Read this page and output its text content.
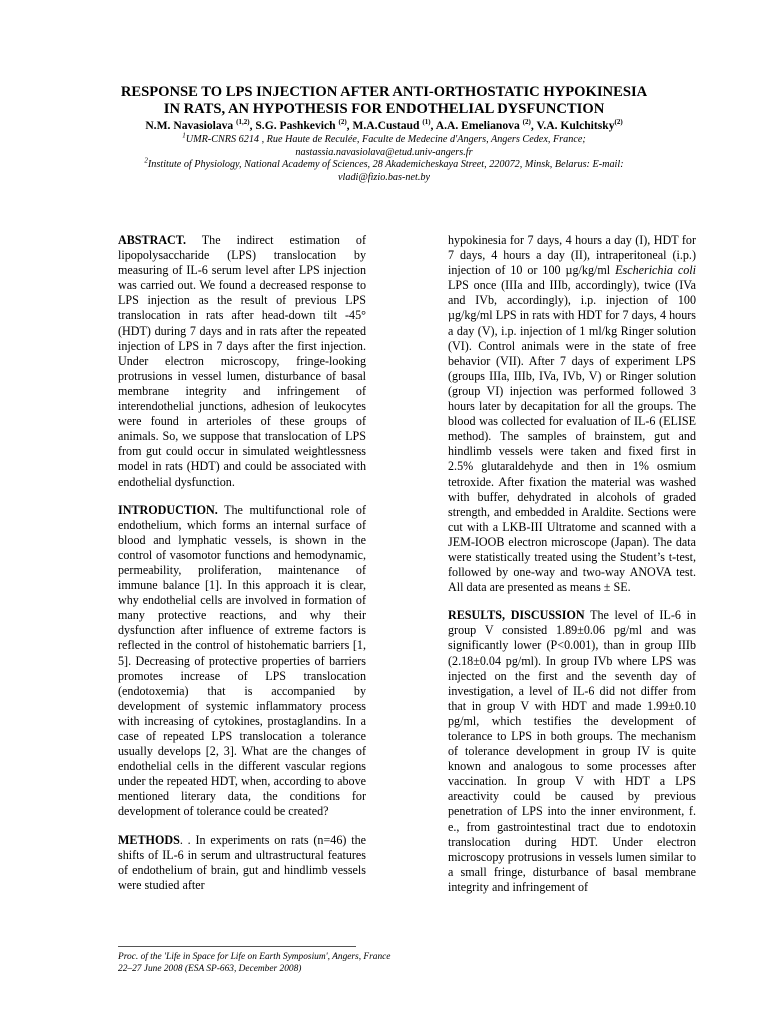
RESPONSE TO LPS INJECTION AFTER ANTI-ORTHOSTATIC HYPOKINESIA
IN RATS, AN HYPOTHESIS FOR ENDOTHELIAL DYSFUNCTION
N.M. Navasiolava $^{(1,2)}$, S.G. Pashkevich $^{(2)}$, M.A.Custaud $^{(1)}$, A.A. Emelianova $^{(2)}$, V.A. Kulchitsky$^{(2)}$
$^1$UMR-CNRS 6214 , Rue Haute de Reculée, Faculte de Medecine d'Angers, Angers Cedex, France;
nastassia.navasiolava@etud.univ-angers.fr
$^2$Institute of Physiology, National Academy of Sciences, 28 Akademicheskaya Street, 220072, Minsk, Belarus: E-mail:
vladi@fizio.bas-net.by

ABSTRACT. The indirect estimation of lipopolysaccharide (LPS) translocation by measuring of IL-6 serum level after LPS injection was carried out. We found a decreased response to LPS injection as the result of previous LPS translocation in rats after head-down tilt -45° (HDT) during 7 days and in rats after the repeated injection of LPS in 7 days after the first injection. Under electron microscopy, fringe-looking protrusions in vessel lumen, disturbance of basal membrane integrity and infringement of interendothelial junctions, adhesion of leukocytes were found in arterioles of these groups of animals. So, we suppose that translocation of LPS from gut could occur in simulated weightlessness model in rats (HDT) and could be associated with endothelial dysfunction.

INTRODUCTION. The multifunctional role of endothelium, which forms an internal surface of blood and lymphatic vessels, is shown in the control of vasomotor functions and hemodynamic, permeability, proliferation, maintenance of immune balance [1]. In this approach it is clear, why endothelial cells are involved in formation of many protective reactions, and why their dysfunction after influence of extreme factors is reflected in the control of histohematic barriers [1, 5]. Decreasing of protective properties of barriers promotes increase of LPS translocation (endotoxemia) that is accompanied by development of systemic inflammatory process with increasing of cytokines, prostaglandins. In a case of repeated LPS translocation a tolerance usually develops [2, 3]. What are the changes of endothelial cells in the different vascular regions under the repeated HDT, when, according to above mentioned literary data, the conditions for development of tolerance could be created?

METHODS. . In experiments on rats (n=46) the shifts of IL-6 in serum and ultrastructural features of endothelium of brain, gut and hindlimb vessels were studied after

hypokinesia for 7 days, 4 hours a day (I), HDT for 7 days, 4 hours a day (II), intraperitoneal (i.p.) injection of 10 or 100 µg/kg/ml Escherichia coli LPS once (IIIa and IIIb, accordingly), twice (IVa and IVb, accordingly), i.p. injection of 100 µg/kg/ml LPS in rats with HDT for 7 days, 4 hours a day (V), i.p. injection of 1 ml/kg Ringer solution (VI). Control animals were in the state of free behavior (VII). After 7 days of experiment LPS (groups IIIa, IIIb, IVa, IVb, V) or Ringer solution (group VI) injection was performed followed 3 hours later by decapitation for all the groups. The blood was collected for evaluation of IL-6 (ELISE method). The samples of brainstem, gut and hindlimb vessels were taken and fixed first in 2.5% glutaraldehyde and then in 1% osmium tetroxide. After fixation the material was washed with buffer, dehydrated in alcohols of graded strength, and embedded in Araldite. Sections were cut with a LKB-III Ultratome and scanned with a JEM-IOOB electron microscope (Japan). The data were statistically treated using the Student’s t-test, followed by one-way and two-way ANOVA test. All data are presented as means ± SE.

RESULTS, DISCUSSION The level of IL-6 in group V consisted 1.89±0.06 pg/ml and was significantly lower (P<0.001), than in group IIIb (2.18±0.04 pg/ml). In group IVb where LPS was injected on the first and the seventh day of investigation, a level of IL-6 did not differ from that in group V with HDT and made 1.99±0.10 pg/ml, which testifies the development of tolerance to LPS in both groups. The mechanism of tolerance development in group IV is quite known and analogous to some processes after vaccination. In group V with HDT a LPS areactivity could be caused by previous penetration of LPS into the inner environment, f. e., from gastrointestinal tract due to endotoxin translocation during HDT. Under electron microscopy protrusions in vessels lumen similar to a small fringe, disturbance of basal membrane integrity and infringement of

Proc. of the 'Life in Space for Life on Earth Symposium', Angers, France
22–27 June 2008 (ESA SP-663, December 2008)
